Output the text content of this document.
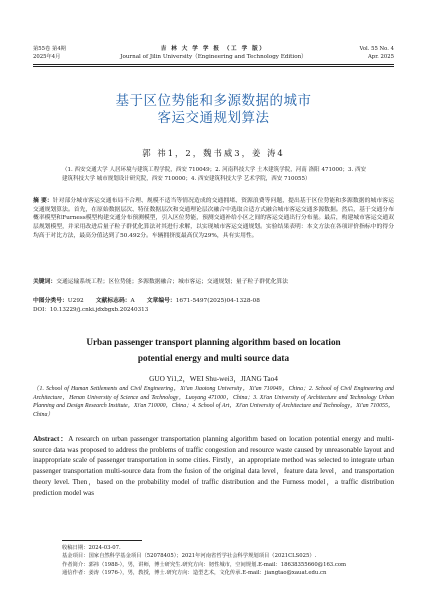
第55卷 第4期
2025年4月
吉 林 大 学 学 报 （工 学 版）
Journal of Jilin University（Engineering and Technology Edition）
Vol. 55 No. 4
Apr. 2025
基于区位势能和多源数据的城市
客运交通规划算法
郭 祎1，2，魏书威3，姜 涛4
（1. 西安交通大学 人居环境与建筑工程学院，西安 710049；2. 河南科技大学 土木建筑学院，河南 洛阳 471000；3. 西安建筑科技大学 城市规划设计研究院，西安 710000；4. 西安建筑科技大学 艺术学院，西安 710055）
摘 要：针对部分城市客运交通布局不合理、规模不适当等情况造成的交通拥堵、资源浪费等问题，提出基于区位势能和多源数据的城市客运交通规划算法。首先，在原始数据层次、特征数据层次和交通理论层次融合中选取合适方式融合城市客运交通多源数据。然后，基于交通分布概率模型和Furness模型构建交通分布预测模型，引入区位势能，预测交通补给小区之间的客运交通出行分布量。最后，构建城市客运交通双层规划模型，并采用改进后量子粒子群优化算法对其进行求解，以实现城市客运交通规划。实验结果表明：本文方法在各项评价指标中的得分均高于对比方法，最高分值达到了50.492分。车辆拥挤度最高仅为29%，具有实用性。
关键词：交通运输系统工程；区位势能；多源数据融合；城市客运；交通规划；量子粒子群优化算法
中图分类号：U292 文献标志码：A 文章编号：1671-5497(2025)04-1328-08
DOI：10.13229/j.cnki.jdxbgxb.20240313
Urban passenger transport planning algorithm based on location
potential energy and multi source data
GUO Yi1,2，WEI Shu-wei3，JIANG Tao4
（1. School of Human Settlements and Civil Engineering，Xi'an Jiaotong University，Xi'an 710049，China；2. School of Civil Engineering and Architecture，Henan University of Science and Technology，Luoyang 471000，China；3. Xi'an University of Architecture and Technology Urban Planning and Design Research Institute，Xi'an 710000，China；4. School of Art，Xi'an University of Architecture and Technology，Xi'an 710055，China）
Abstract：A research on urban passenger transportation planning algorithm based on location potential energy and multi-source data was proposed to address the problems of traffic congestion and resource waste caused by unreasonable layout and inappropriate scale of passenger transportation in some cities. Firstly，an appropriate method was selected to integrate urban passenger transportation multi-source data from the fusion of the original data level，feature data level，and transportation theory level. Then，based on the probability model of traffic distribution and the Furness model，a traffic distribution prediction model was
收稿日期：2024-03-07.
基金项目：国家自然科学基金项目（52078405）；2021年河南省哲学社会科学规划项目（2021CLS025）.
作者简介：郭祎（1988-），男，讲师，博士研究生.研究方向：韧性城市，空间规划.E-mail：18638355660@163.com
通信作者：姜涛（1976-），男，教授，博士.研究方向：造型艺术，文化传承.E-mail：jiangtao@xauat.edu.cn
